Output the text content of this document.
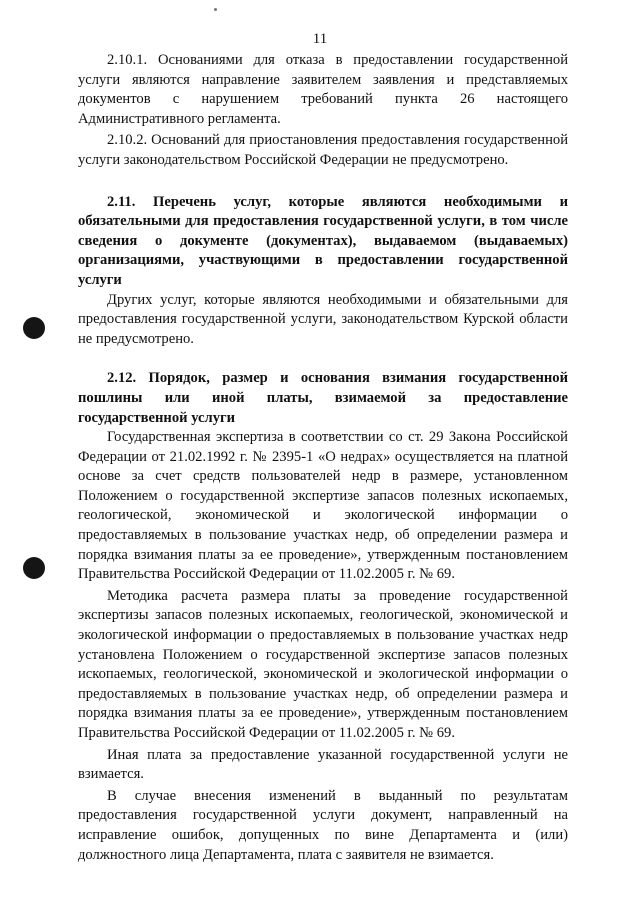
11

2.10.1. Основаниями для отказа в предоставлении государственной услуги являются направление заявителем заявления и представляемых документов с нарушением требований пункта 26 настоящего Административного регламента.

2.10.2. Оснований для приостановления предоставления государственной услуги законодательством Российской Федерации не предусмотрено.

2.11. Перечень услуг, которые являются необходимыми и обязательными для предоставления государственной услуги, в том числе сведения о документе (документах), выдаваемом (выдаваемых) организациями, участвующими в предоставлении государственной услуги

Других услуг, которые являются необходимыми и обязательными для предоставления государственной услуги, законодательством Курской области не предусмотрено.

2.12. Порядок, размер и основания взимания государственной пошлины или иной платы, взимаемой за предоставление государственной услуги

Государственная экспертиза в соответствии со ст. 29 Закона Российской Федерации от 21.02.1992 г. № 2395-1 «О недрах» осуществляется на платной основе за счет средств пользователей недр в размере, установленном Положением о государственной экспертизе запасов полезных ископаемых, геологической, экономической и экологической информации о предоставляемых в пользование участках недр, об определении размера и порядка взимания платы за ее проведение», утвержденным постановлением Правительства Российской Федерации от 11.02.2005 г. № 69.

Методика расчета размера платы за проведение государственной экспертизы запасов полезных ископаемых, геологической, экономической и экологической информации о предоставляемых в пользование участках недр установлена Положением о государственной экспертизе запасов полезных ископаемых, геологической, экономической и экологической информации о предоставляемых в пользование участках недр, об определении размера и порядка взимания платы за ее проведение», утвержденным постановлением Правительства Российской Федерации от 11.02.2005 г. № 69.

Иная плата за предоставление указанной государственной услуги не взимается.

В случае внесения изменений в выданный по результатам предоставления государственной услуги документ, направленный на исправление ошибок, допущенных по вине Департамента и (или) должностного лица Департамента, плата с заявителя не взимается.
